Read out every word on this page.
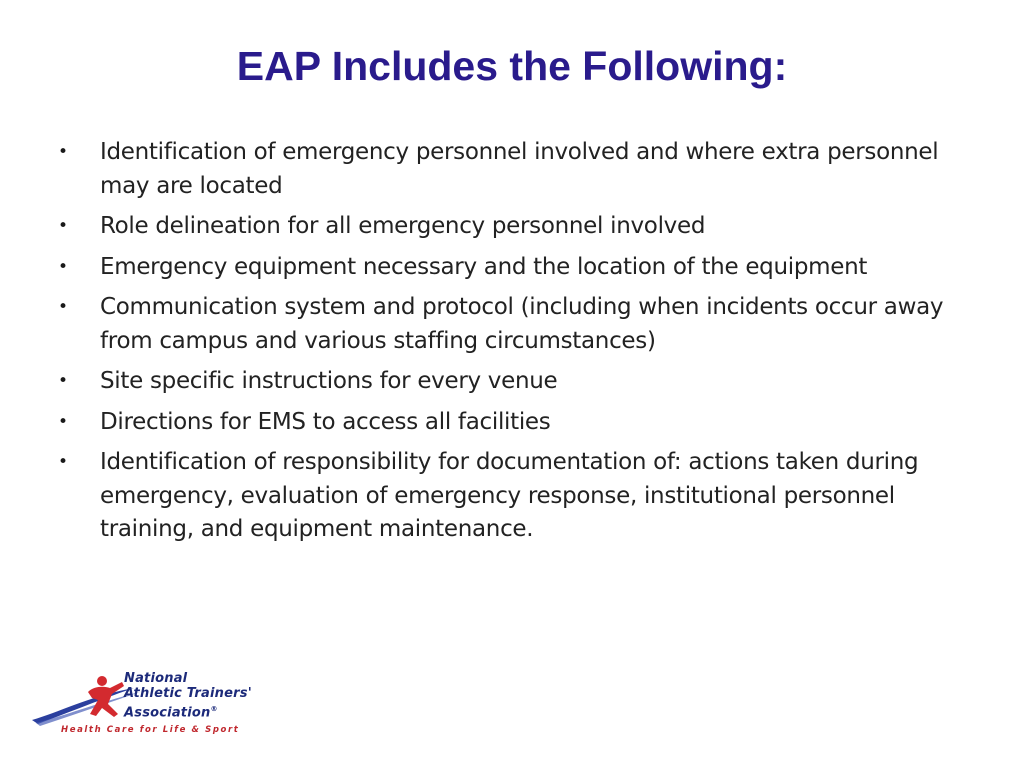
EAP Includes the Following:
•	Identification of emergency personnel involved and where extra personnel may are located
•	Role delineation for all emergency personnel involved
•	Emergency equipment necessary and the location of the equipment
•	Communication system and protocol (including when incidents occur away from campus and various staffing circumstances)
•	Site specific instructions for every venue
•	Directions for EMS to access all facilities
•	Identification of responsibility for documentation of: actions taken during emergency, evaluation of emergency response, institutional personnel training, and equipment maintenance.
National
Athletic Trainers'
Association®
Health Care for Life & Sport
